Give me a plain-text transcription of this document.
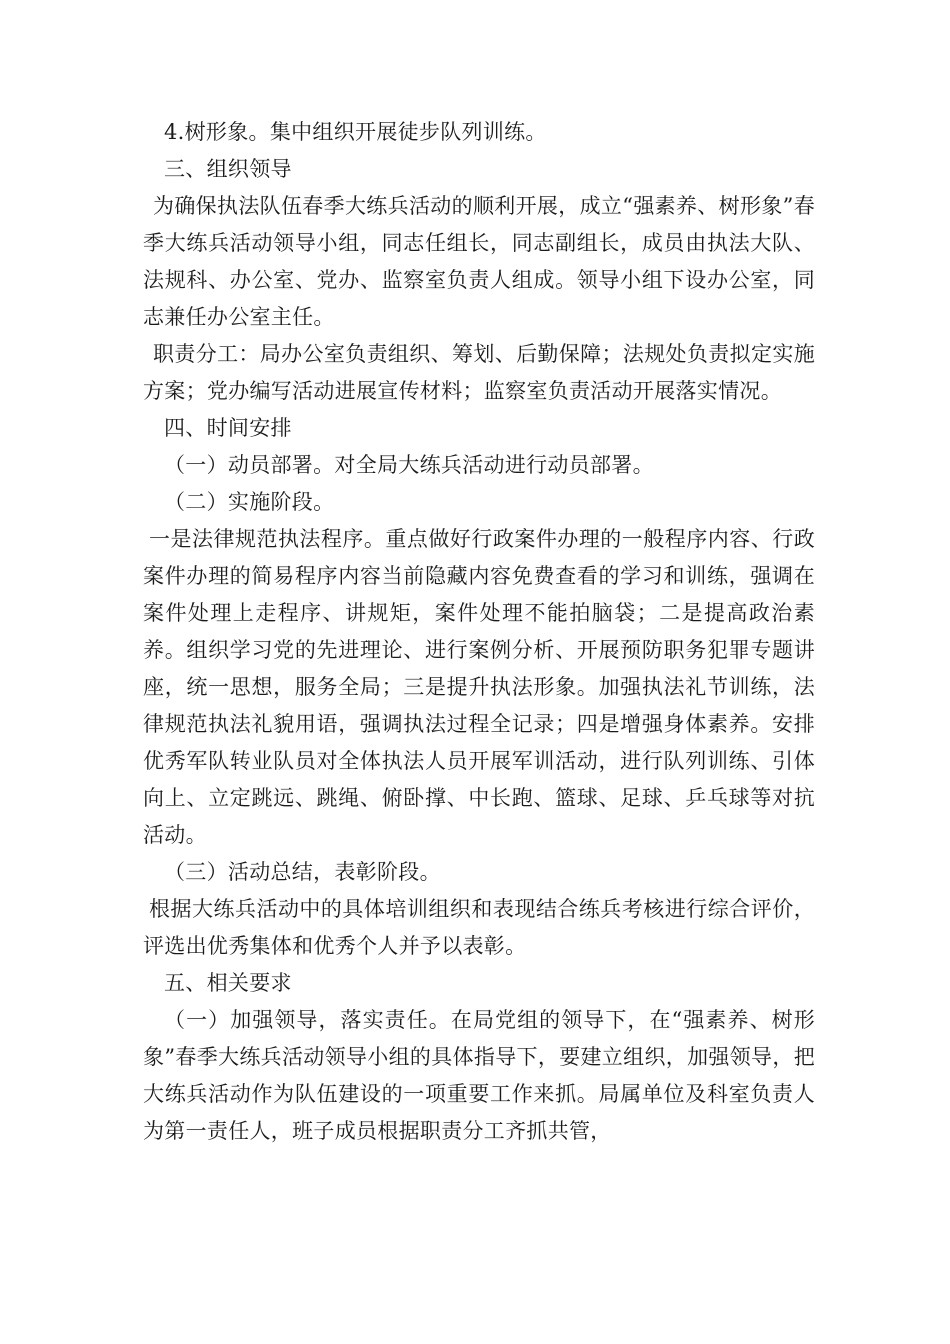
4.树形象。集中组织开展徒步队列训练。

三、组织领导

为确保执法队伍春季大练兵活动的顺利开展，成立“强素养、树形象”春季大练兵活动领导小组，同志任组长，同志副组长，成员由执法大队、法规科、办公室、党办、监察室负责人组成。领导小组下设办公室，同志兼任办公室主任。

职责分工：局办公室负责组织、筹划、后勤保障；法规处负责拟定实施方案；党办编写活动进展宣传材料；监察室负责活动开展落实情况。

四、时间安排

（一）动员部署。对全局大练兵活动进行动员部署。

（二）实施阶段。

一是法律规范执法程序。重点做好行政案件办理的一般程序内容、行政案件办理的简易程序内容当前隐藏内容免费查看的学习和训练，强调在案件处理上走程序、讲规矩，案件处理不能拍脑袋；二是提高政治素养。组织学习党的先进理论、进行案例分析、开展预防职务犯罪专题讲座，统一思想，服务全局；三是提升执法形象。加强执法礼节训练，法律规范执法礼貌用语，强调执法过程全记录；四是增强身体素养。安排优秀军队转业队员对全体执法人员开展军训活动，进行队列训练、引体向上、立定跳远、跳绳、俯卧撑、中长跑、篮球、足球、乒乓球等对抗活动。

（三）活动总结，表彰阶段。

根据大练兵活动中的具体培训组织和表现结合练兵考核进行综合评价，评选出优秀集体和优秀个人并予以表彰。

五、相关要求

（一）加强领导，落实责任。在局党组的领导下，在“强素养、树形象”春季大练兵活动领导小组的具体指导下，要建立组织，加强领导，把大练兵活动作为队伍建设的一项重要工作来抓。局属单位及科室负责人为第一责任人，班子成员根据职责分工齐抓共管，
